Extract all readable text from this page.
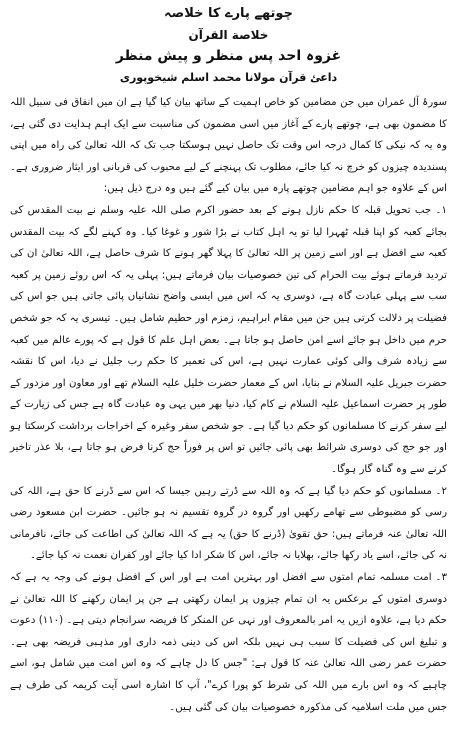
چوتھے پارے کا خلاصہ
خلاصة القرآن
غزوہ احد پس منظر و پیش منظر
داعئ قرآن مولانا محمد اسلم شیخوپوری

سورۂ آل عمران میں جن مضامین کو خاص اہمیت کے ساتھ بیان کیا گیا ہے ان میں انفاق فی سبیل اللہ کا مضمون بھی ہے، چوتھے پارے کے آغاز میں اسی مضمون کی مناسبت سے ایک اہم ہدایت دی گئی ہے، وہ یہ کہ نیکی کا کمال درجہ اس وقت تک حاصل نہیں ہوسکتا جب تک کہ اللہ تعالیٰ کی راہ میں اپنی پسندیدہ چیزوں کو خرچ نہ کیا جائے، مطلوب تک پہنچنے کے لیے محبوب کی قربانی اور ایثار ضروری ہے۔ اس کے علاوہ جو اہم مضامین چوتھے پارہ میں بیان کیے گئے ہیں وہ درج ذیل ہیں:

۱۔ جب تحویل قبلہ کا حکم نازل ہونے کے بعد حضور اکرم صلی اللہ علیہ وسلم نے بیت المقدس کی بجائے کعبہ کو اپنا قبلہ ٹھہرا لیا تو یہ اہل کتاب نے بڑا شور و غوغا کیا۔ وہ کہنے لگے کہ بیت المقدس کعبہ سے افضل ہے اور اسے زمین پر اللہ تعالیٰ کا پہلا گھر ہونے کا شرف حاصل ہے، اللہ تعالیٰ ان کی تردید فرماتے ہوئے بیت الحرام کی تین خصوصیات بیان فرماتے ہیں: پہلی یہ کہ اس روئے زمین پر کعبہ سب سے پہلی عبادت گاہ ہے، دوسری یہ کہ اس میں ایسی واضح نشانیاں پائی جاتی ہیں جو اس کی فضیلت پر دلالت کرتی ہیں جن میں مقام ابراہیم، زمزم اور حطیم شامل ہیں۔ تیسری یہ کہ جو شخص حرم میں داخل ہو جائے اسے امن حاصل ہو جاتا ہے۔ بعض اہل علم کا قول ہے کہ پورے عالم میں کعبہ سے زیادہ شرف والی کوئی عمارت نہیں ہے، اس کی تعمیر کا حکم رب جلیل نے دیا، اس کا نقشہ حضرت جبریل علیہ السلام نے بنایا، اس کے معمار حضرت خلیل علیہ السلام تھے اور معاون اور مزدور کے طور پر حضرت اسماعیل علیہ السلام نے کام کیا، دنیا بھر میں یہی وہ عبادت گاہ ہے جس کی زیارت کے لیے سفر کرنے کا مسلمانوں کو حکم دیا گیا ہے۔ جو شخص سفر وغیرہ کے اخراجات برداشت کرسکتا ہو اور جو حج کی دوسری شرائط بھی پائی جائیں تو اس پر فوراً حج کرنا فرض ہو جاتا ہے، بلا عذر تاخیر کرنے سے وہ گناہ گار ہوگا۔

۲۔ مسلمانوں کو حکم دیا گیا ہے کہ وہ اللہ سے ڈرتے رہیں جیسا کہ اس سے ڈرنے کا حق ہے، اللہ کی رسی کو مضبوطی سے تھامے رکھیں اور گروہ در گروہ تقسیم نہ ہو جائیں۔ حضرت ابن مسعود رضی اللہ تعالیٰ عنہ فرماتے ہیں: حق تقویٰ (ڈرنے کا حق) یہ ہے کہ اللہ تعالیٰ کی اطاعت کی جائے، نافرمانی نہ کی جائے، اسے یاد رکھا جائے، بھلایا نہ جائے، اس کا شکر ادا کیا جائے اور کفران نعمت نہ کیا جائے۔

۳۔ امت مسلمہ تمام امتوں سے افضل اور بہترین امت ہے اور اس کے افضل ہونے کی وجہ یہ ہے کہ دوسری امتوں کے برعکس یہ ان تمام چیزوں پر ایمان رکھتی ہے جن پر ایمان رکھنے کا اللہ تعالیٰ نے حکم دیا ہے، علاوہ ازیں یہ امر بالمعروف اور نہی عن المنکر کا فریضہ سرانجام دیتی ہے۔ (۱۱۰) دعوت و تبلیغ اس کی فضیلت کا سبب ہی نہیں بلکہ اس کی دینی ذمہ داری اور مذہبی فریضہ بھی ہے۔ حضرت عمر رضی اللہ تعالیٰ عنہ کا قول ہے: "جس کا دل چاہے کہ وہ اس امت میں شامل ہو، اسے چاہیے کہ وہ اس بارے میں اللہ کی شرط کو پورا کرے"، آپ کا اشارہ اسی آیت کریمہ کی طرف ہے جس میں ملت اسلامیہ کی مذکورہ خصوصیات بیان کی گئی ہیں۔
